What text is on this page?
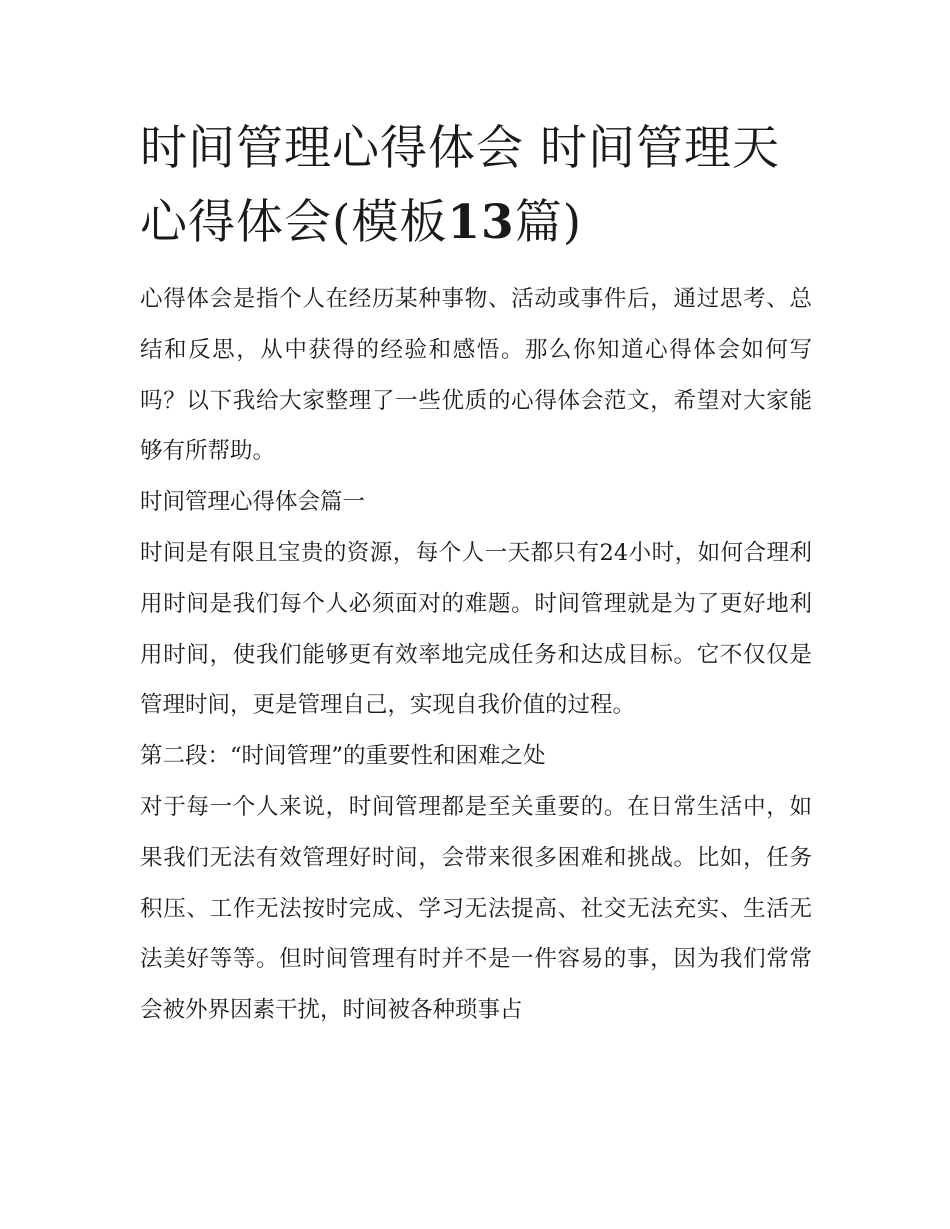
时间管理心得体会 时间管理天心得体会(模板13篇)

心得体会是指个人在经历某种事物、活动或事件后，通过思考、总结和反思，从中获得的经验和感悟。那么你知道心得体会如何写吗？以下我给大家整理了一些优质的心得体会范文，希望对大家能够有所帮助。

时间管理心得体会篇一

时间是有限且宝贵的资源，每个人一天都只有24小时，如何合理利用时间是我们每个人必须面对的难题。时间管理就是为了更好地利用时间，使我们能够更有效率地完成任务和达成目标。它不仅仅是管理时间，更是管理自己，实现自我价值的过程。

第二段：“时间管理”的重要性和困难之处

对于每一个人来说，时间管理都是至关重要的。在日常生活中，如果我们无法有效管理好时间，会带来很多困难和挑战。比如，任务积压、工作无法按时完成、学习无法提高、社交无法充实、生活无法美好等等。但时间管理有时并不是一件容易的事，因为我们常常会被外界因素干扰，时间被各种琐事占
